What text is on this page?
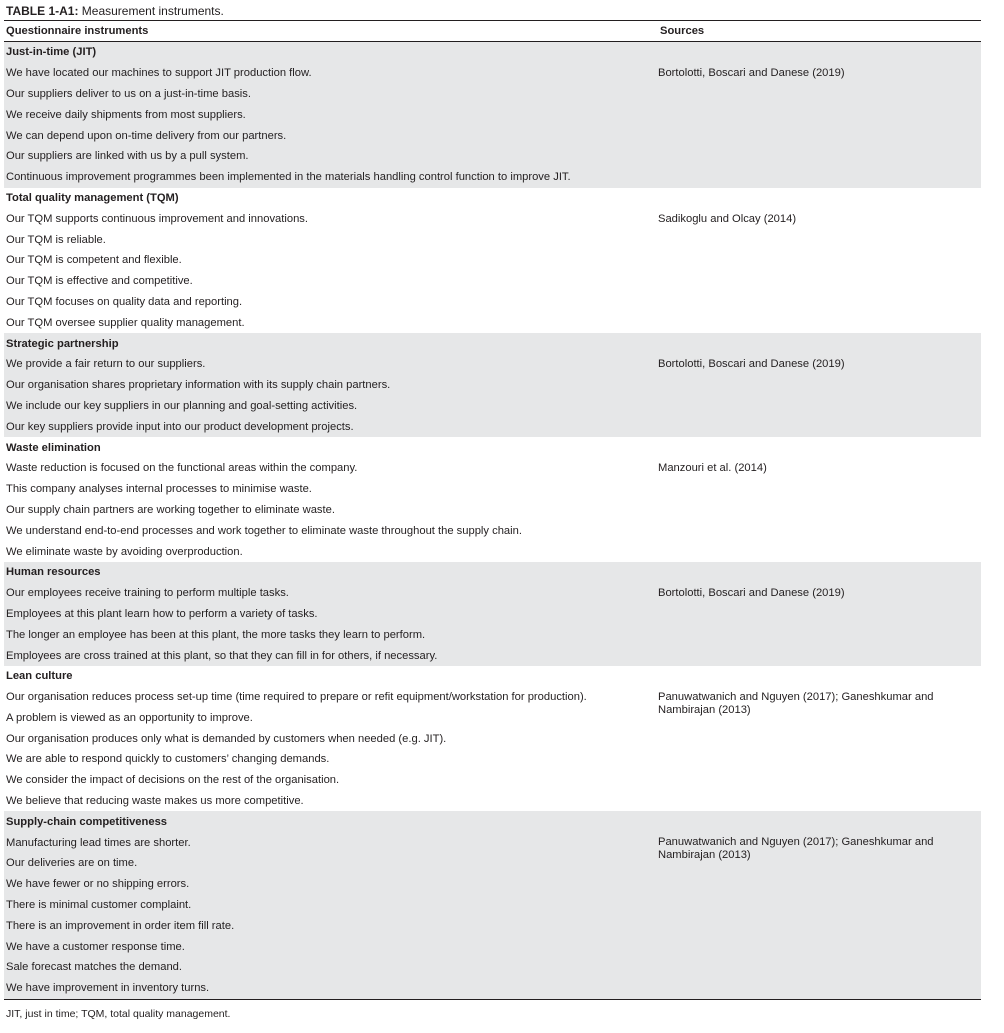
TABLE 1-A1: Measurement instruments.
Questionnaire instruments	Sources
Just-in-time (JIT)
We have located our machines to support JIT production flow.
Our suppliers deliver to us on a just-in-time basis.
We receive daily shipments from most suppliers.
We can depend upon on-time delivery from our partners.
Our suppliers are linked with us by a pull system.
Continuous improvement programmes been implemented in the materials handling control function to improve JIT.
Bortolotti, Boscari and Danese (2019)
Total quality management (TQM)
Our TQM supports continuous improvement and innovations.
Our TQM is reliable.
Our TQM is competent and flexible.
Our TQM is effective and competitive.
Our TQM focuses on quality data and reporting.
Our TQM oversee supplier quality management.
Sadikoglu and Olcay (2014)
Strategic partnership
We provide a fair return to our suppliers.
Our organisation shares proprietary information with its supply chain partners.
We include our key suppliers in our planning and goal-setting activities.
Our key suppliers provide input into our product development projects.
Bortolotti, Boscari and Danese (2019)
Waste elimination
Waste reduction is focused on the functional areas within the company.
This company analyses internal processes to minimise waste.
Our supply chain partners are working together to eliminate waste.
We understand end-to-end processes and work together to eliminate waste throughout the supply chain.
We eliminate waste by avoiding overproduction.
Manzouri et al. (2014)
Human resources
Our employees receive training to perform multiple tasks.
Employees at this plant learn how to perform a variety of tasks.
The longer an employee has been at this plant, the more tasks they learn to perform.
Employees are cross trained at this plant, so that they can fill in for others, if necessary.
Bortolotti, Boscari and Danese (2019)
Lean culture
Our organisation reduces process set-up time (time required to prepare or refit equipment/workstation for production).
A problem is viewed as an opportunity to improve.
Our organisation produces only what is demanded by customers when needed (e.g. JIT).
We are able to respond quickly to customers’ changing demands.
We consider the impact of decisions on the rest of the organisation.
We believe that reducing waste makes us more competitive.
Panuwatwanich and Nguyen (2017); Ganeshkumar and Nambirajan (2013)
Supply-chain competitiveness
Manufacturing lead times are shorter.
Our deliveries are on time.
We have fewer or no shipping errors.
There is minimal customer complaint.
There is an improvement in order item fill rate.
We have a customer response time.
Sale forecast matches the demand.
We have improvement in inventory turns.
Panuwatwanich and Nguyen (2017); Ganeshkumar and Nambirajan (2013)
JIT, just in time; TQM, total quality management.
